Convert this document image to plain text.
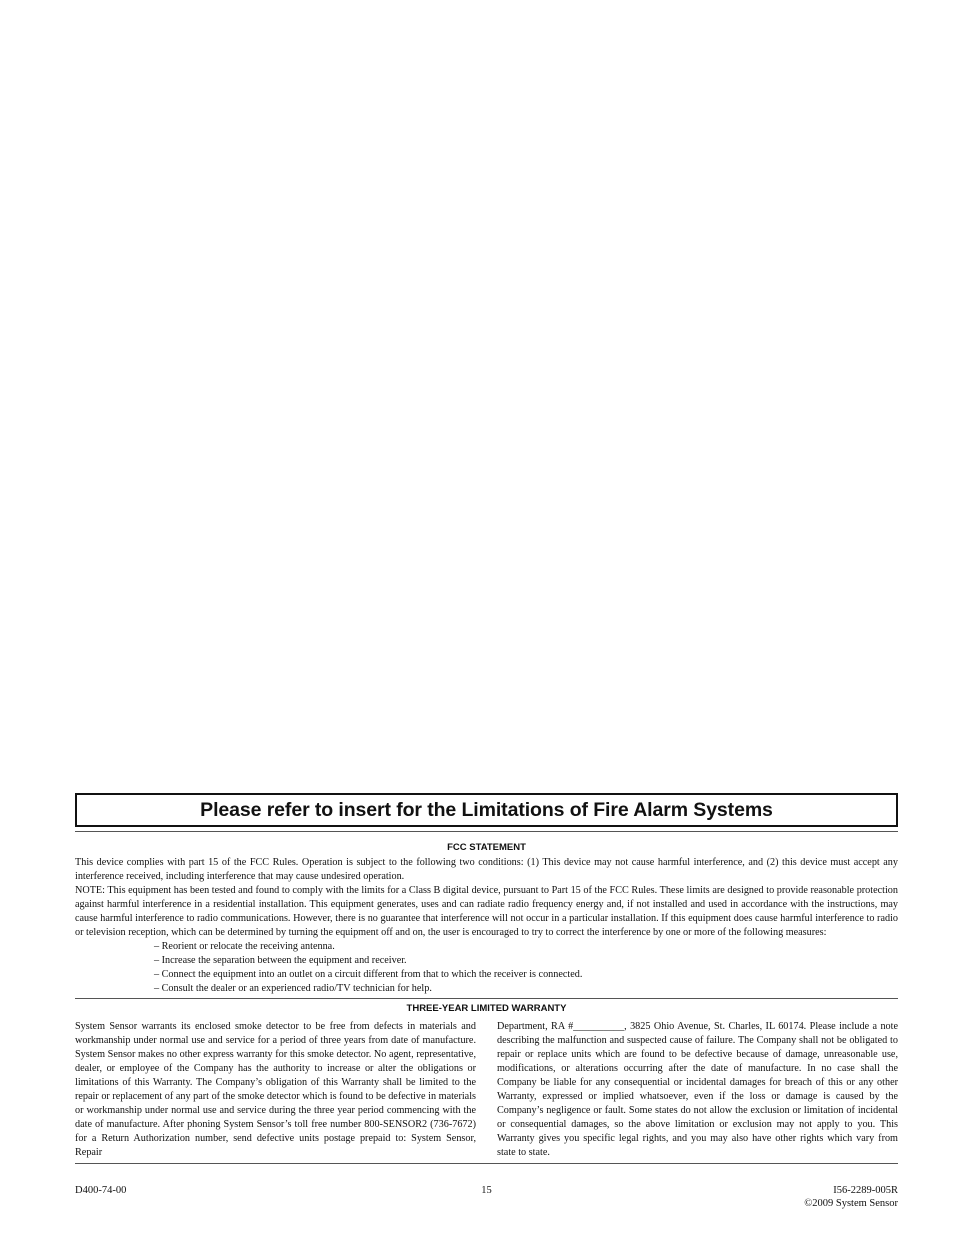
Please refer to insert for the Limitations of Fire Alarm Systems
FCC STATEMENT

This device complies with part 15 of the FCC Rules. Operation is subject to the following two conditions: (1) This device may not cause harmful interference, and (2) this device must accept any interference received, including interference that may cause undesired operation.

NOTE: This equipment has been tested and found to comply with the limits for a Class B digital device, pursuant to Part 15 of the FCC Rules. These limits are designed to provide reasonable protection against harmful interference in a residential installation. This equipment generates, uses and can radiate radio frequency energy and, if not installed and used in accordance with the instructions, may cause harmful interference to radio communications. However, there is no guarantee that interference will not occur in a particular installation. If this equipment does cause harmful interference to radio or television reception, which can be determined by turning the equipment off and on, the user is encouraged to try to correct the interference by one or more of the following measures:

– Reorient or relocate the receiving antenna.
– Increase the separation between the equipment and receiver.
– Connect the equipment into an outlet on a circuit different from that to which the receiver is connected.
– Consult the dealer or an experienced radio/TV technician for help.
THREE-YEAR LIMITED WARRANTY

System Sensor warrants its enclosed smoke detector to be free from defects in materials and workmanship under normal use and service for a period of three years from date of manufacture. System Sensor makes no other express warranty for this smoke detector. No agent, representative, dealer, or employee of the Company has the authority to increase or alter the obligations or limitations of this Warranty. The Company’s obligation of this Warranty shall be limited to the repair or replacement of any part of the smoke detector which is found to be defective in materials or workmanship under normal use and service during the three year period commencing with the date of manufacture. After phoning System Sensor’s toll free number 800-SENSOR2 (736-7672) for a Return Authorization number, send defective units postage prepaid to: System Sensor, Repair

Department, RA #__________, 3825 Ohio Avenue, St. Charles, IL 60174. Please include a note describing the malfunction and suspected cause of failure. The Company shall not be obligated to repair or replace units which are found to be defective because of damage, unreasonable use, modifications, or alterations occurring after the date of manufacture. In no case shall the Company be liable for any consequential or incidental damages for breach of this or any other Warranty, expressed or implied whatsoever, even if the loss or damage is caused by the Company’s negligence or fault. Some states do not allow the exclusion or limitation of incidental or consequential damages, so the above limitation or exclusion may not apply to you. This Warranty gives you specific legal rights, and you may also have other rights which vary from state to state.

D400-74-00	15	I56-2289-005R
©2009 System Sensor
